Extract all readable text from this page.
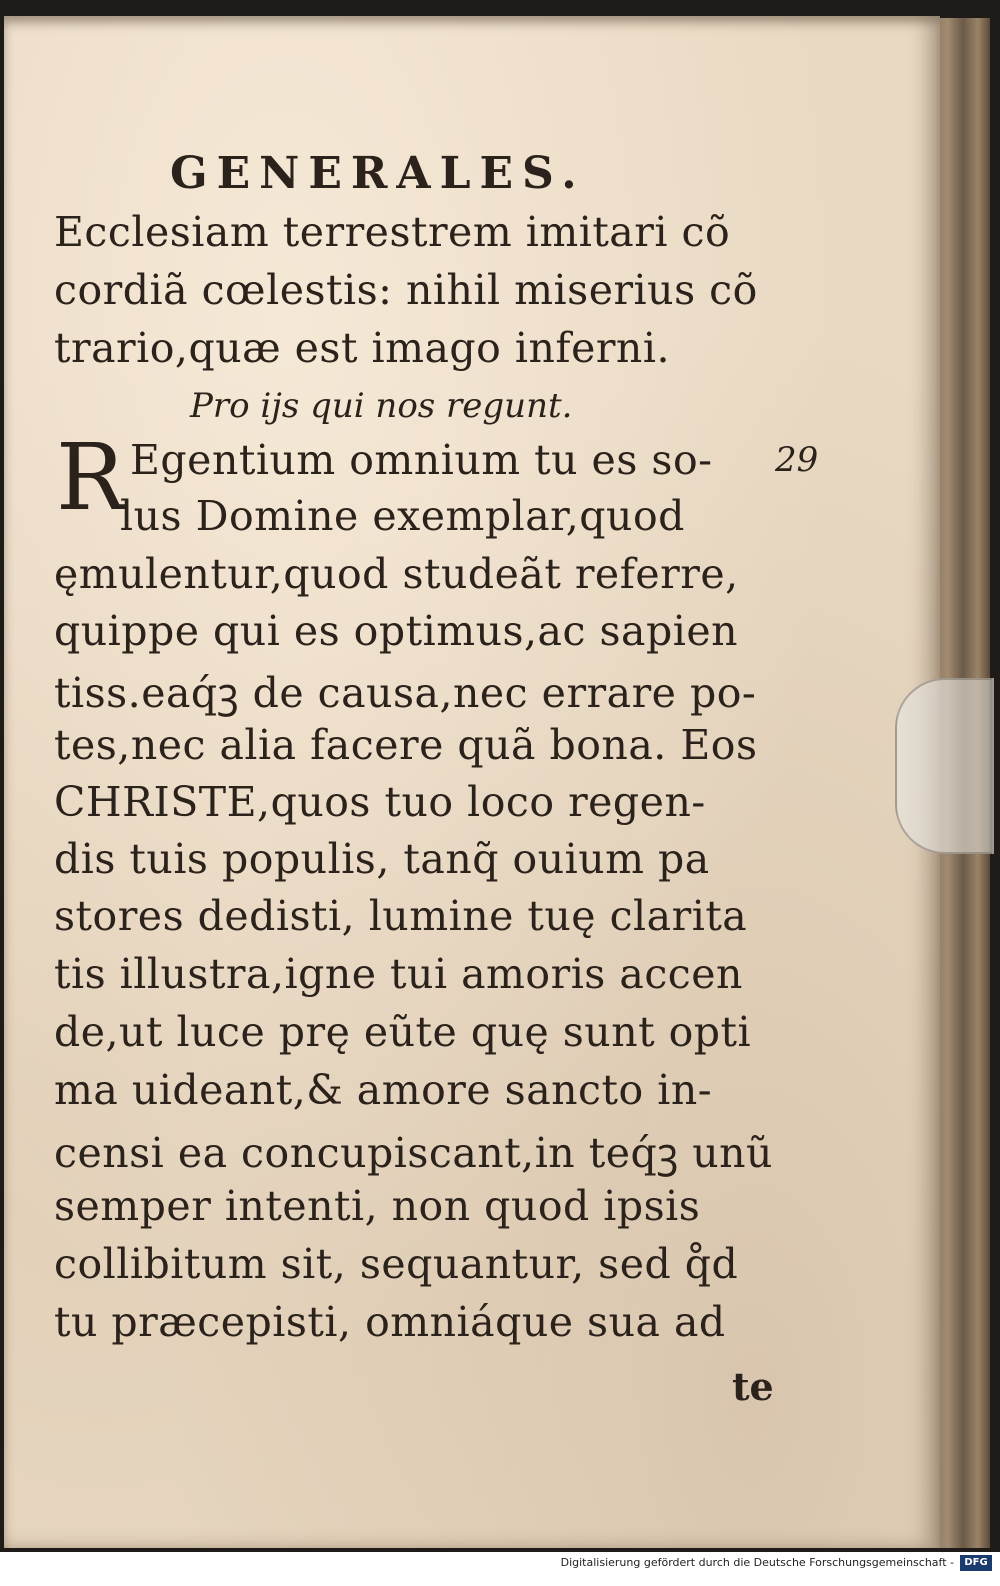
GENERALES.
Ecclesiam terrestrem imitari cõ
cordiã cœlestis: nihil miserius cõ
trario,quæ est imago inferni.
Pro ijs qui nos regunt.
R	29
Egentium omnium tu es so-
lus Domine exemplar,quod
ęmulentur,quod studeãt referre,
quippe qui es optimus,ac sapien
tiss.eaq́ꝫ de causa,nec errare po-
tes,nec alia facere quã bona. Eos
CHRISTE,quos tuo loco regen-
dis tuis populis, tanq̃ ouium pa
stores dedisti, lumine tuę clarita
tis illustra,igne tui amoris accen
de,ut luce prę eũte quę sunt opti
ma uideant,& amore sancto in-
censi ea concupiscant,in teq́ꝫ unũ
semper intenti, non quod ipsis
collibitum sit, sequantur, sed q̊d
tu præcepisti, omniáque sua ad
te
Digitalisierung gefördert durch die Deutsche Forschungsgemeinschaft -	DFG
